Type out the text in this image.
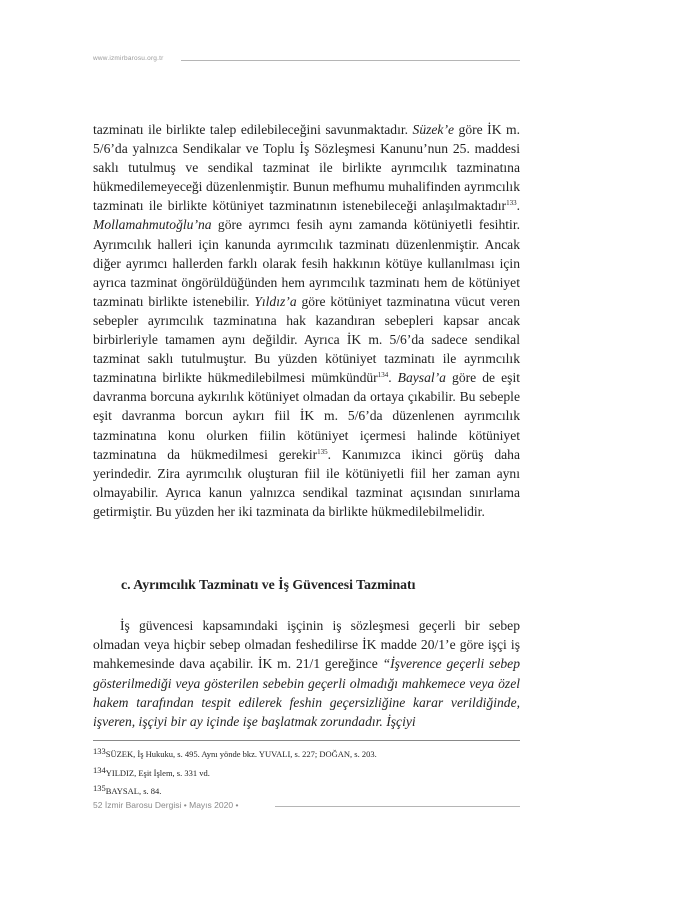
www.izmirbarosu.org.tr

tazminatı ile birlikte talep edilebileceğini savunmaktadır. Süzek’e göre İK m. 5/6’da yalnızca Sendikalar ve Toplu İş Sözleşmesi Kanunu’nun 25. maddesi saklı tutulmuş ve sendikal tazminat ile birlikte ayrımcılık tazminatına hükmedilemeyeceği düzenlenmiştir. Bunun mefhumu muhalifinden ayrımcılık tazminatı ile birlikte kötüniyet tazminatının istenebileceği anlaşılmaktadır$^{133}$. Mollamahmutoğlu’na göre ayrımcı fesih aynı zamanda kötüniyetli fesihtir. Ayrımcılık halleri için kanunda ayrımcılık tazminatı düzenlenmiştir. Ancak diğer ayrımcı hallerden farklı olarak fesih hakkının kötüye kullanılması için ayrıca tazminat öngörüldüğünden hem ayrımcılık tazminatı hem de kötüniyet tazminatı birlikte istenebilir. Yıldız’a göre kötüniyet tazminatına vücut veren sebepler ayrımcılık tazminatına hak kazandıran sebepleri kapsar ancak birbirleriyle tamamen aynı değildir. Ayrıca İK m. 5/6’da sadece sendikal tazminat saklı tutulmuştur. Bu yüzden kötüniyet tazminatı ile ayrımcılık tazminatına birlikte hükmedilebilmesi mümkündür$^{134}$. Baysal’a göre de eşit davranma borcuna aykırılık kötüniyet olmadan da ortaya çıkabilir. Bu sebeple eşit davranma borcun aykırı fiil İK m. 5/6’da düzenlenen ayrımcılık tazminatına konu olurken fiilin kötüniyet içermesi halinde kötüniyet tazminatına da hükmedilmesi gerekir$^{135}$. Kanımızca ikinci görüş daha yerindedir. Zira ayrımcılık oluşturan fiil ile kötüniyetli fiil her zaman aynı olmayabilir. Ayrıca kanun yalnızca sendikal tazminat açısından sınırlama getirmiştir. Bu yüzden her iki tazminata da birlikte hükmedilebilmelidir.

c. Ayrımcılık Tazminatı ve İş Güvencesi Tazminatı
İş güvencesi kapsamındaki işçinin iş sözleşmesi geçerli bir sebep olmadan veya hiçbir sebep olmadan feshedilirse İK madde 20/1’e göre işçi iş mahkemesinde dava açabilir. İK m. 21/1 gereğince “İşverence geçerli sebep gösterilmediği veya gösterilen sebebin geçerli olmadığı mahkemece veya özel hakem tarafından tespit edilerek feshin geçersizliğine karar verildiğinde, işveren, işçiyi bir ay içinde işe başlatmak zorundadır. İşçiyi
$^{133}$SÜZEK, İş Hukuku, s. 495. Aynı yönde bkz. YUVALI, s. 227; DOĞAN, s. 203.
$^{134}$YILDIZ, Eşit İşlem, s. 331 vd.
$^{135}$BAYSAL, s. 84.
52 İzmir Barosu Dergisi • Mayıs 2020 •
